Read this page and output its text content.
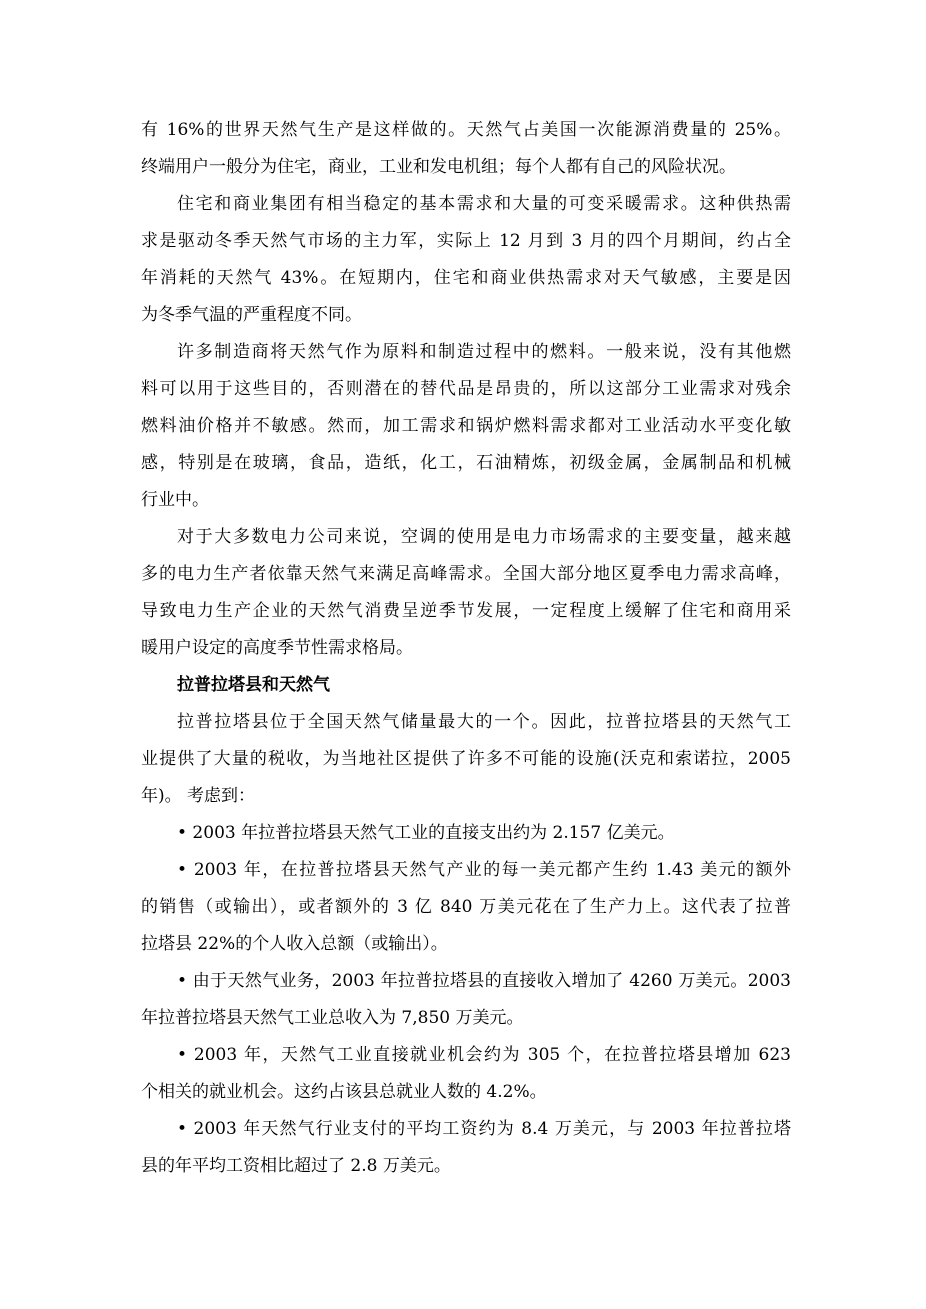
有 16%的世界天然气生产是这样做的。天然气占美国一次能源消费量的 25%。
终端用户一般分为住宅，商业，工业和发电机组；每个人都有自己的风险状况。
住宅和商业集团有相当稳定的基本需求和大量的可变采暖需求。这种供热需
求是驱动冬季天然气市场的主力军，实际上 12 月到 3 月的四个月期间，约占全
年消耗的天然气 43%。在短期内，住宅和商业供热需求对天气敏感，主要是因
为冬季气温的严重程度不同。
许多制造商将天然气作为原料和制造过程中的燃料。一般来说，没有其他燃
料可以用于这些目的，否则潜在的替代品是昂贵的，所以这部分工业需求对残余
燃料油价格并不敏感。然而，加工需求和锅炉燃料需求都对工业活动水平变化敏
感，特别是在玻璃，食品，造纸，化工，石油精炼，初级金属，金属制品和机械
行业中。
对于大多数电力公司来说，空调的使用是电力市场需求的主要变量，越来越
多的电力生产者依靠天然气来满足高峰需求。全国大部分地区夏季电力需求高峰，
导致电力生产企业的天然气消费呈逆季节发展，一定程度上缓解了住宅和商用采
暖用户设定的高度季节性需求格局。
拉普拉塔县和天然气
拉普拉塔县位于全国天然气储量最大的一个。因此，拉普拉塔县的天然气工
业提供了大量的税收，为当地社区提供了许多不可能的设施(沃克和索诺拉，2005
年)。 考虑到：
• 2003 年拉普拉塔县天然气工业的直接支出约为 2.157 亿美元。
• 2003 年，在拉普拉塔县天然气产业的每一美元都产生约 1.43 美元的额外
的销售（或输出），或者额外的 3 亿 840 万美元花在了生产力上。这代表了拉普
拉塔县 22%的个人收入总额（或输出）。
• 由于天然气业务，2003 年拉普拉塔县的直接收入增加了 4260 万美元。2003
年拉普拉塔县天然气工业总收入为 7,850 万美元。
• 2003 年，天然气工业直接就业机会约为 305 个，在拉普拉塔县增加 623
个相关的就业机会。这约占该县总就业人数的 4.2%。
• 2003 年天然气行业支付的平均工资约为 8.4 万美元，与 2003 年拉普拉塔
县的年平均工资相比超过了 2.8 万美元。
